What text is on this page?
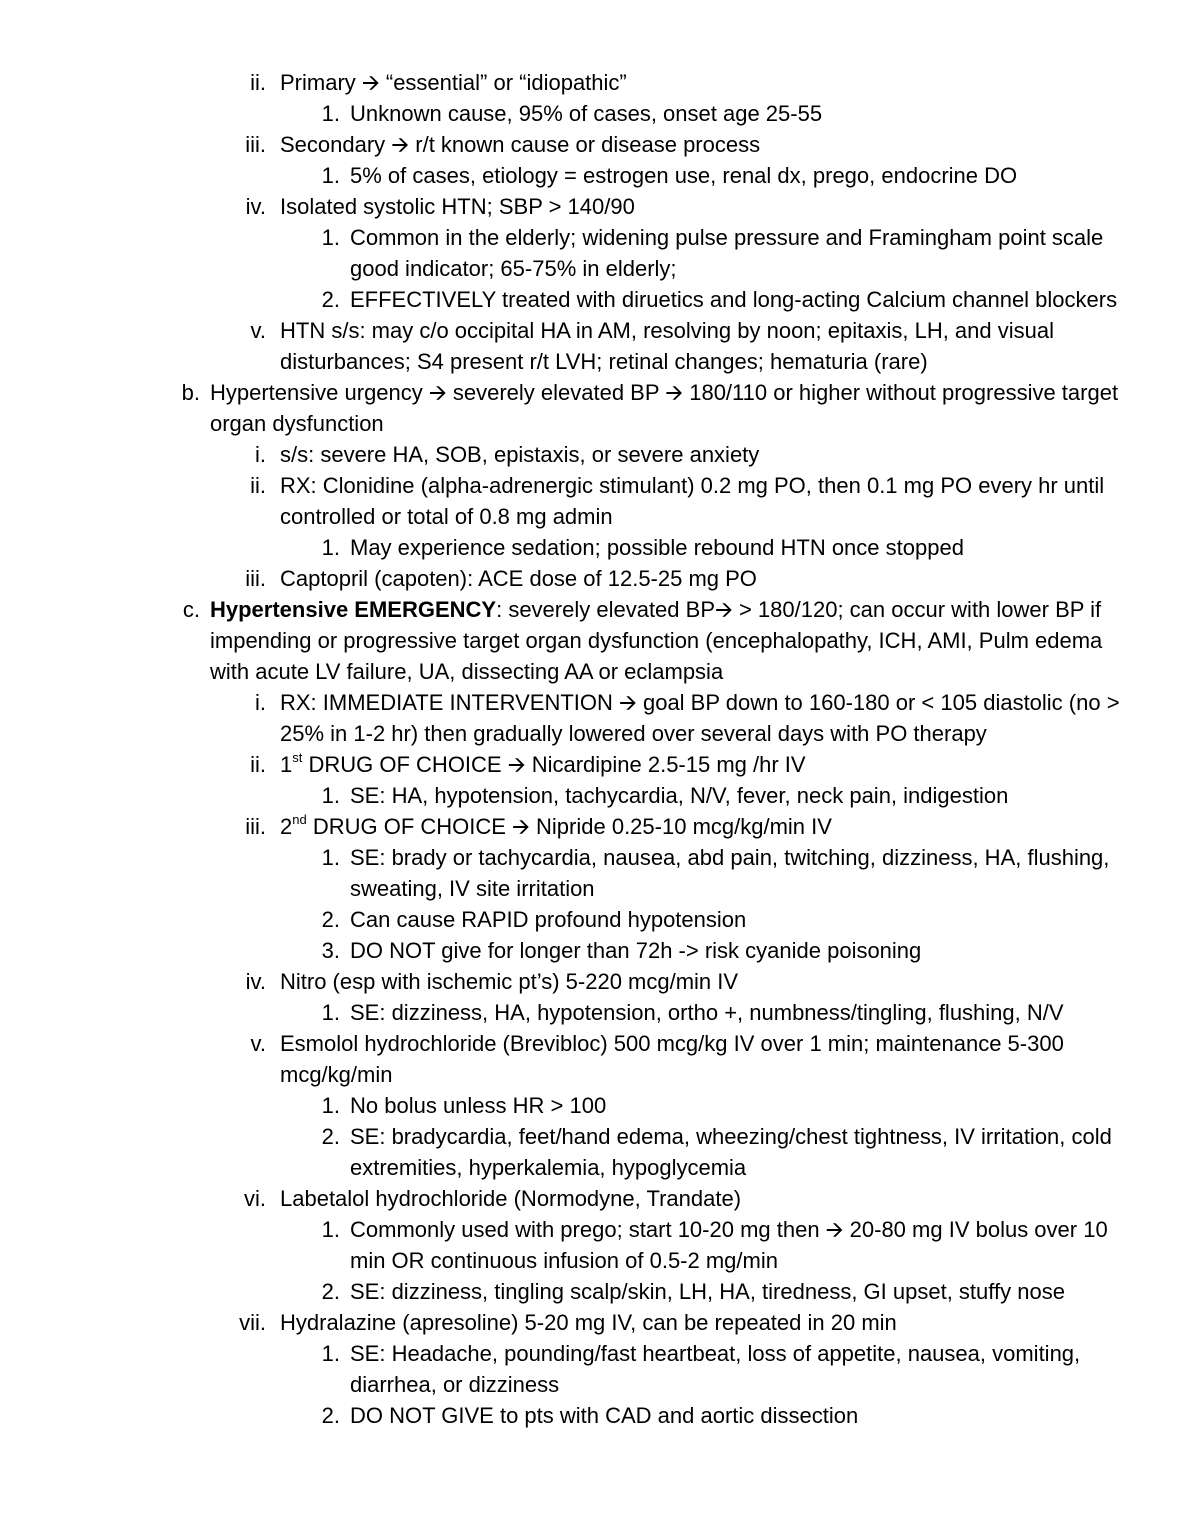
ii. Primary 🡪 “essential” or “idiopathic”
1. Unknown cause, 95% of cases, onset age 25-55
iii. Secondary 🡪 r/t known cause or disease process
1. 5% of cases, etiology = estrogen use, renal dx, prego, endocrine DO
iv. Isolated systolic HTN; SBP > 140/90
1. Common in the elderly; widening pulse pressure and Framingham point scale good indicator; 65-75% in elderly;
2. EFFECTIVELY treated with diruetics and long-acting Calcium channel blockers
v. HTN s/s: may c/o occipital HA in AM, resolving by noon; epitaxis, LH, and visual disturbances; S4 present r/t LVH; retinal changes; hematuria (rare)
b. Hypertensive urgency 🡪 severely elevated BP 🡪 180/110 or higher without progressive target organ dysfunction
i. s/s: severe HA, SOB, epistaxis, or severe anxiety
ii. RX: Clonidine (alpha-adrenergic stimulant) 0.2 mg PO, then 0.1 mg PO every hr until controlled or total of 0.8 mg admin
1. May experience sedation; possible rebound HTN once stopped
iii. Captopril (capoten): ACE dose of 12.5-25 mg PO
c. Hypertensive EMERGENCY: severely elevated BP🡪 > 180/120; can occur with lower BP if impending or progressive target organ dysfunction (encephalopathy, ICH, AMI, Pulm edema with acute LV failure, UA, dissecting AA or eclampsia
i. RX: IMMEDIATE INTERVENTION 🡪 goal BP down to 160-180 or < 105 diastolic (no > 25% in 1-2 hr) then gradually lowered over several days with PO therapy
ii. 1st DRUG OF CHOICE 🡪 Nicardipine 2.5-15 mg /hr IV
1. SE: HA, hypotension, tachycardia, N/V, fever, neck pain, indigestion
iii. 2nd DRUG OF CHOICE 🡪 Nipride 0.25-10 mcg/kg/min IV
1. SE: brady or tachycardia, nausea, abd pain, twitching, dizziness, HA, flushing, sweating, IV site irritation
2. Can cause RAPID profound hypotension
3. DO NOT give for longer than 72h -> risk cyanide poisoning
iv. Nitro (esp with ischemic pt’s) 5-220 mcg/min IV
1. SE: dizziness, HA, hypotension, ortho +, numbness/tingling, flushing, N/V
v. Esmolol hydrochloride (Brevibloc) 500 mcg/kg IV over 1 min; maintenance 5-300 mcg/kg/min
1. No bolus unless HR > 100
2. SE: bradycardia, feet/hand edema, wheezing/chest tightness, IV irritation, cold extremities, hyperkalemia, hypoglycemia
vi. Labetalol hydrochloride (Normodyne, Trandate)
1. Commonly used with prego; start 10-20 mg then 🡪 20-80 mg IV bolus over 10 min OR continuous infusion of 0.5-2 mg/min
2. SE: dizziness, tingling scalp/skin, LH, HA, tiredness, GI upset, stuffy nose
vii. Hydralazine (apresoline) 5-20 mg IV, can be repeated in 20 min
1. SE: Headache, pounding/fast heartbeat, loss of appetite, nausea, vomiting, diarrhea, or dizziness
2. DO NOT GIVE to pts with CAD and aortic dissection
